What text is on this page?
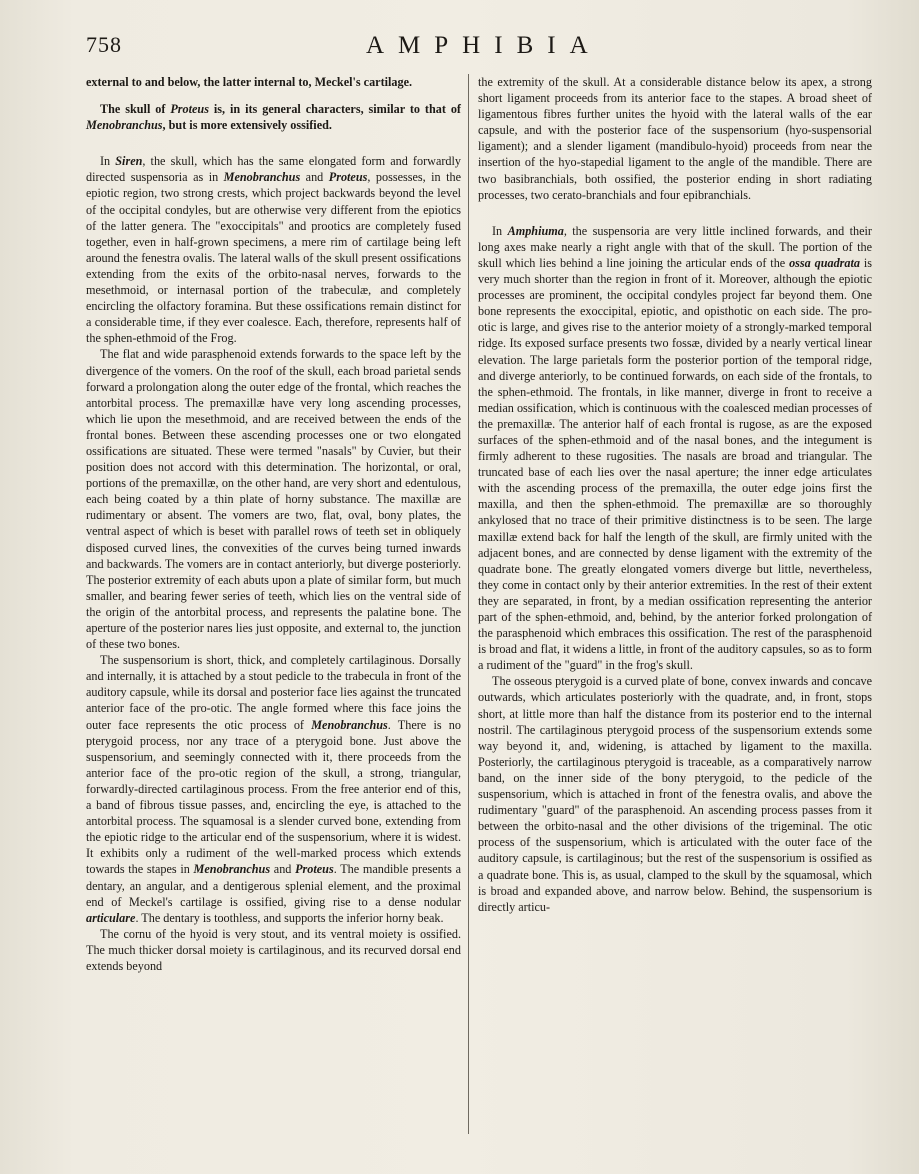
758	AMPHIBIA

external to and below, the latter internal to, Meckel's cartilage.

The skull of Proteus is, in its general characters, similar to that of Menobranchus, but is more extensively ossified.

In Siren, the skull, which has the same elongated form and forwardly directed suspensoria as in Menobranchus and Proteus, possesses, in the epiotic region, two strong crests, which project backwards beyond the level of the occipital condyles, but are otherwise very different from the epiotics of the latter genera. The "exoccipitals" and prootics are completely fused together, even in half-grown specimens, a mere rim of cartilage being left around the fenestra ovalis. The lateral walls of the skull present ossifications extending from the exits of the orbito-nasal nerves, forwards to the mesethmoid, or internasal portion of the trabeculæ, and completely encircling the olfactory foramina. But these ossifications remain distinct for a considerable time, if they ever coalesce. Each, therefore, represents half of the sphen-ethmoid of the Frog.

The flat and wide parasphenoid extends forwards to the space left by the divergence of the vomers. On the roof of the skull, each broad parietal sends forward a prolongation along the outer edge of the frontal, which reaches the antorbital process. The premaxillæ have very long ascending processes, which lie upon the mesethmoid, and are received between the ends of the frontal bones. Between these ascending processes one or two elongated ossifications are situated. These were termed "nasals" by Cuvier, but their position does not accord with this determination. The horizontal, or oral, portions of the premaxillæ, on the other hand, are very short and edentulous, each being coated by a thin plate of horny substance. The maxillæ are rudimentary or absent. The vomers are two, flat, oval, bony plates, the ventral aspect of which is beset with parallel rows of teeth set in obliquely disposed curved lines, the convexities of the curves being turned inwards and backwards. The vomers are in contact anteriorly, but diverge posteriorly. The posterior extremity of each abuts upon a plate of similar form, but much smaller, and bearing fewer series of teeth, which lies on the ventral side of the origin of the antorbital process, and represents the palatine bone. The aperture of the posterior nares lies just opposite, and external to, the junction of these two bones.

The suspensorium is short, thick, and completely cartilaginous. Dorsally and internally, it is attached by a stout pedicle to the trabecula in front of the auditory capsule, while its dorsal and posterior face lies against the truncated anterior face of the pro-otic. The angle formed where this face joins the outer face represents the otic process of Menobranchus. There is no pterygoid process, nor any trace of a pterygoid bone. Just above the suspensorium, and seemingly connected with it, there proceeds from the anterior face of the pro-otic region of the skull, a strong, triangular, forwardly-directed cartilaginous process. From the free anterior end of this, a band of fibrous tissue passes, and, encircling the eye, is attached to the antorbital process. The squamosal is a slender curved bone, extending from the epiotic ridge to the articular end of the suspensorium, where it is widest. It exhibits only a rudiment of the well-marked process which extends towards the stapes in Menobranchus and Proteus. The mandible presents a dentary, an angular, and a dentigerous splenial element, and the proximal end of Meckel's cartilage is ossified, giving rise to a dense nodular articulare. The dentary is toothless, and supports the inferior horny beak.

The cornu of the hyoid is very stout, and its ventral moiety is ossified. The much thicker dorsal moiety is cartilaginous, and its recurved dorsal end extends beyond

the extremity of the skull. At a considerable distance below its apex, a strong short ligament proceeds from its anterior face to the stapes. A broad sheet of ligamentous fibres further unites the hyoid with the lateral walls of the ear capsule, and with the posterior face of the suspensorium (hyo-suspensorial ligament); and a slender ligament (mandibulo-hyoid) proceeds from near the insertion of the hyo-stapedial ligament to the angle of the mandible. There are two basibranchials, both ossified, the posterior ending in short radiating processes, two cerato-branchials and four epibranchials.

In Amphiuma, the suspensoria are very little inclined forwards, and their long axes make nearly a right angle with that of the skull. The portion of the skull which lies behind a line joining the articular ends of the ossa quadrata is very much shorter than the region in front of it. Moreover, although the epiotic processes are prominent, the occipital condyles project far beyond them. One bone represents the exoccipital, epiotic, and opisthotic on each side. The pro-otic is large, and gives rise to the anterior moiety of a strongly-marked temporal ridge. Its exposed surface presents two fossæ, divided by a nearly vertical linear elevation. The large parietals form the posterior portion of the temporal ridge, and diverge anteriorly, to be continued forwards, on each side of the frontals, to the sphen-ethmoid. The frontals, in like manner, diverge in front to receive a median ossification, which is continuous with the coalesced median processes of the premaxillæ. The anterior half of each frontal is rugose, as are the exposed surfaces of the sphen-ethmoid and of the nasal bones, and the integument is firmly adherent to these rugosities. The nasals are broad and triangular. The truncated base of each lies over the nasal aperture; the inner edge articulates with the ascending process of the premaxilla, the outer edge joins first the maxilla, and then the sphen-ethmoid. The premaxillæ are so thoroughly ankylosed that no trace of their primitive distinctness is to be seen. The large maxillæ extend back for half the length of the skull, are firmly united with the adjacent bones, and are connected by dense ligament with the extremity of the quadrate bone. The greatly elongated vomers diverge but little, nevertheless, they come in contact only by their anterior extremities. In the rest of their extent they are separated, in front, by a median ossification representing the anterior part of the sphen-ethmoid, and, behind, by the anterior forked prolongation of the parasphenoid which embraces this ossification. The rest of the parasphenoid is broad and flat, it widens a little, in front of the auditory capsules, so as to form a rudiment of the "guard" in the frog's skull.

The osseous pterygoid is a curved plate of bone, convex inwards and concave outwards, which articulates posteriorly with the quadrate, and, in front, stops short, at little more than half the distance from its posterior end to the internal nostril. The cartilaginous pterygoid process of the suspensorium extends some way beyond it, and, widening, is attached by ligament to the maxilla. Posteriorly, the cartilaginous pterygoid is traceable, as a comparatively narrow band, on the inner side of the bony pterygoid, to the pedicle of the suspensorium, which is attached in front of the fenestra ovalis, and above the rudimentary "guard" of the parasphenoid. An ascending process passes from it between the orbito-nasal and the other divisions of the trigeminal. The otic process of the suspensorium, which is articulated with the outer face of the auditory capsule, is cartilaginous; but the rest of the suspensorium is ossified as a quadrate bone. This is, as usual, clamped to the skull by the squamosal, which is broad and expanded above, and narrow below. Behind, the suspensorium is directly articu-
